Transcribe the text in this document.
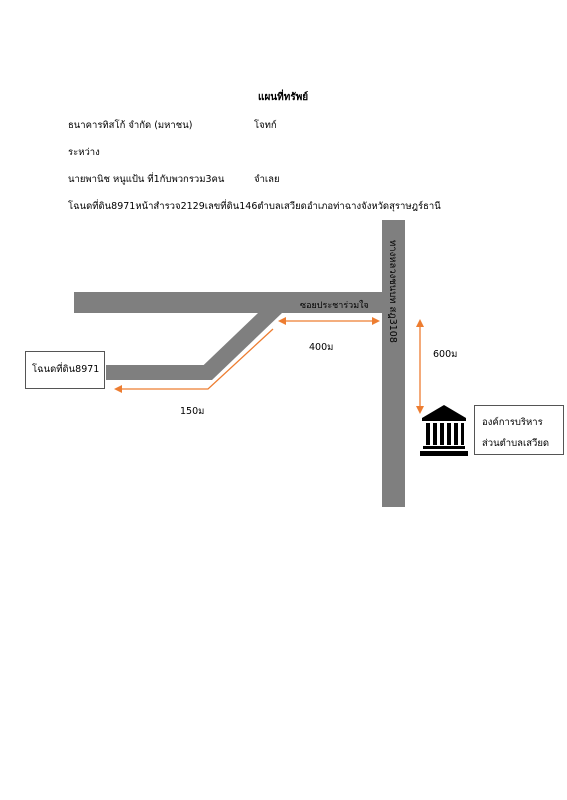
แผนที่ทรัพย์
ธนาคารทิสโก้ จำกัด (มหาชน)	โจทก์
ระหว่าง
นายพานิช หนูแป้น ที่1กับพวกรวม3คน	จำเลย
โฉนดที่ดิน8971หน้าสำรวจ2129เลขที่ดิน146ตำบลเสวียดอำเภอท่าฉางจังหวัดสุราษฎร์ธานี
ซอยประชาร่วมใจ ทางหลวงชนบท สฎ3108
400ม
600ม
150ม
โฉนดที่ดิน8971
องค์การบริหาร
ส่วนตำบลเสวียด
